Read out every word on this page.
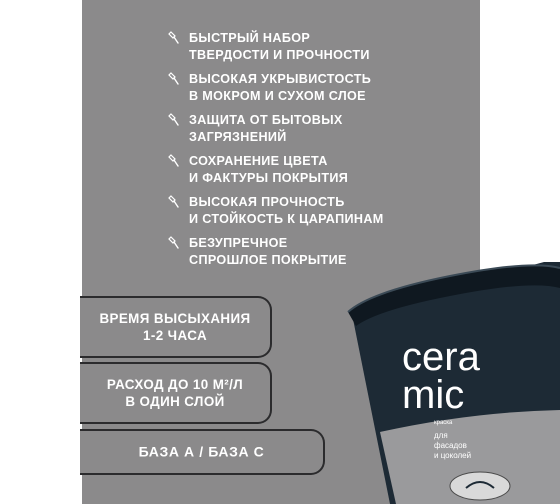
БЫСТРЫЙ НАБОР
ТВЕРДОСТИ И ПРОЧНОСТИ
ВЫСОКАЯ УКРЫВИСТОСТЬ
В МОКРОМ И СУХОМ СЛОЕ
ЗАЩИТА ОТ БЫТОВЫХ
ЗАГРЯЗНЕНИЙ
СОХРАНЕНИЕ ЦВЕТА
И ФАКТУРЫ ПОКРЫТИЯ
ВЫСОКАЯ ПРОЧНОСТЬ
И СТОЙКОСТЬ К ЦАРАПИНАМ
БЕЗУПРЕЧНОЕ
СПРОШЛОЕ ПОКРЫТИЕ
ВРЕМЯ ВЫСЫХАНИЯ
1-2 ЧАСА
РАСХОД ДО 10 М²/Л
В ОДИН СЛОЙ
БАЗА А / БАЗА С
cera
mic
краска
для
фасадов
и цоколей
